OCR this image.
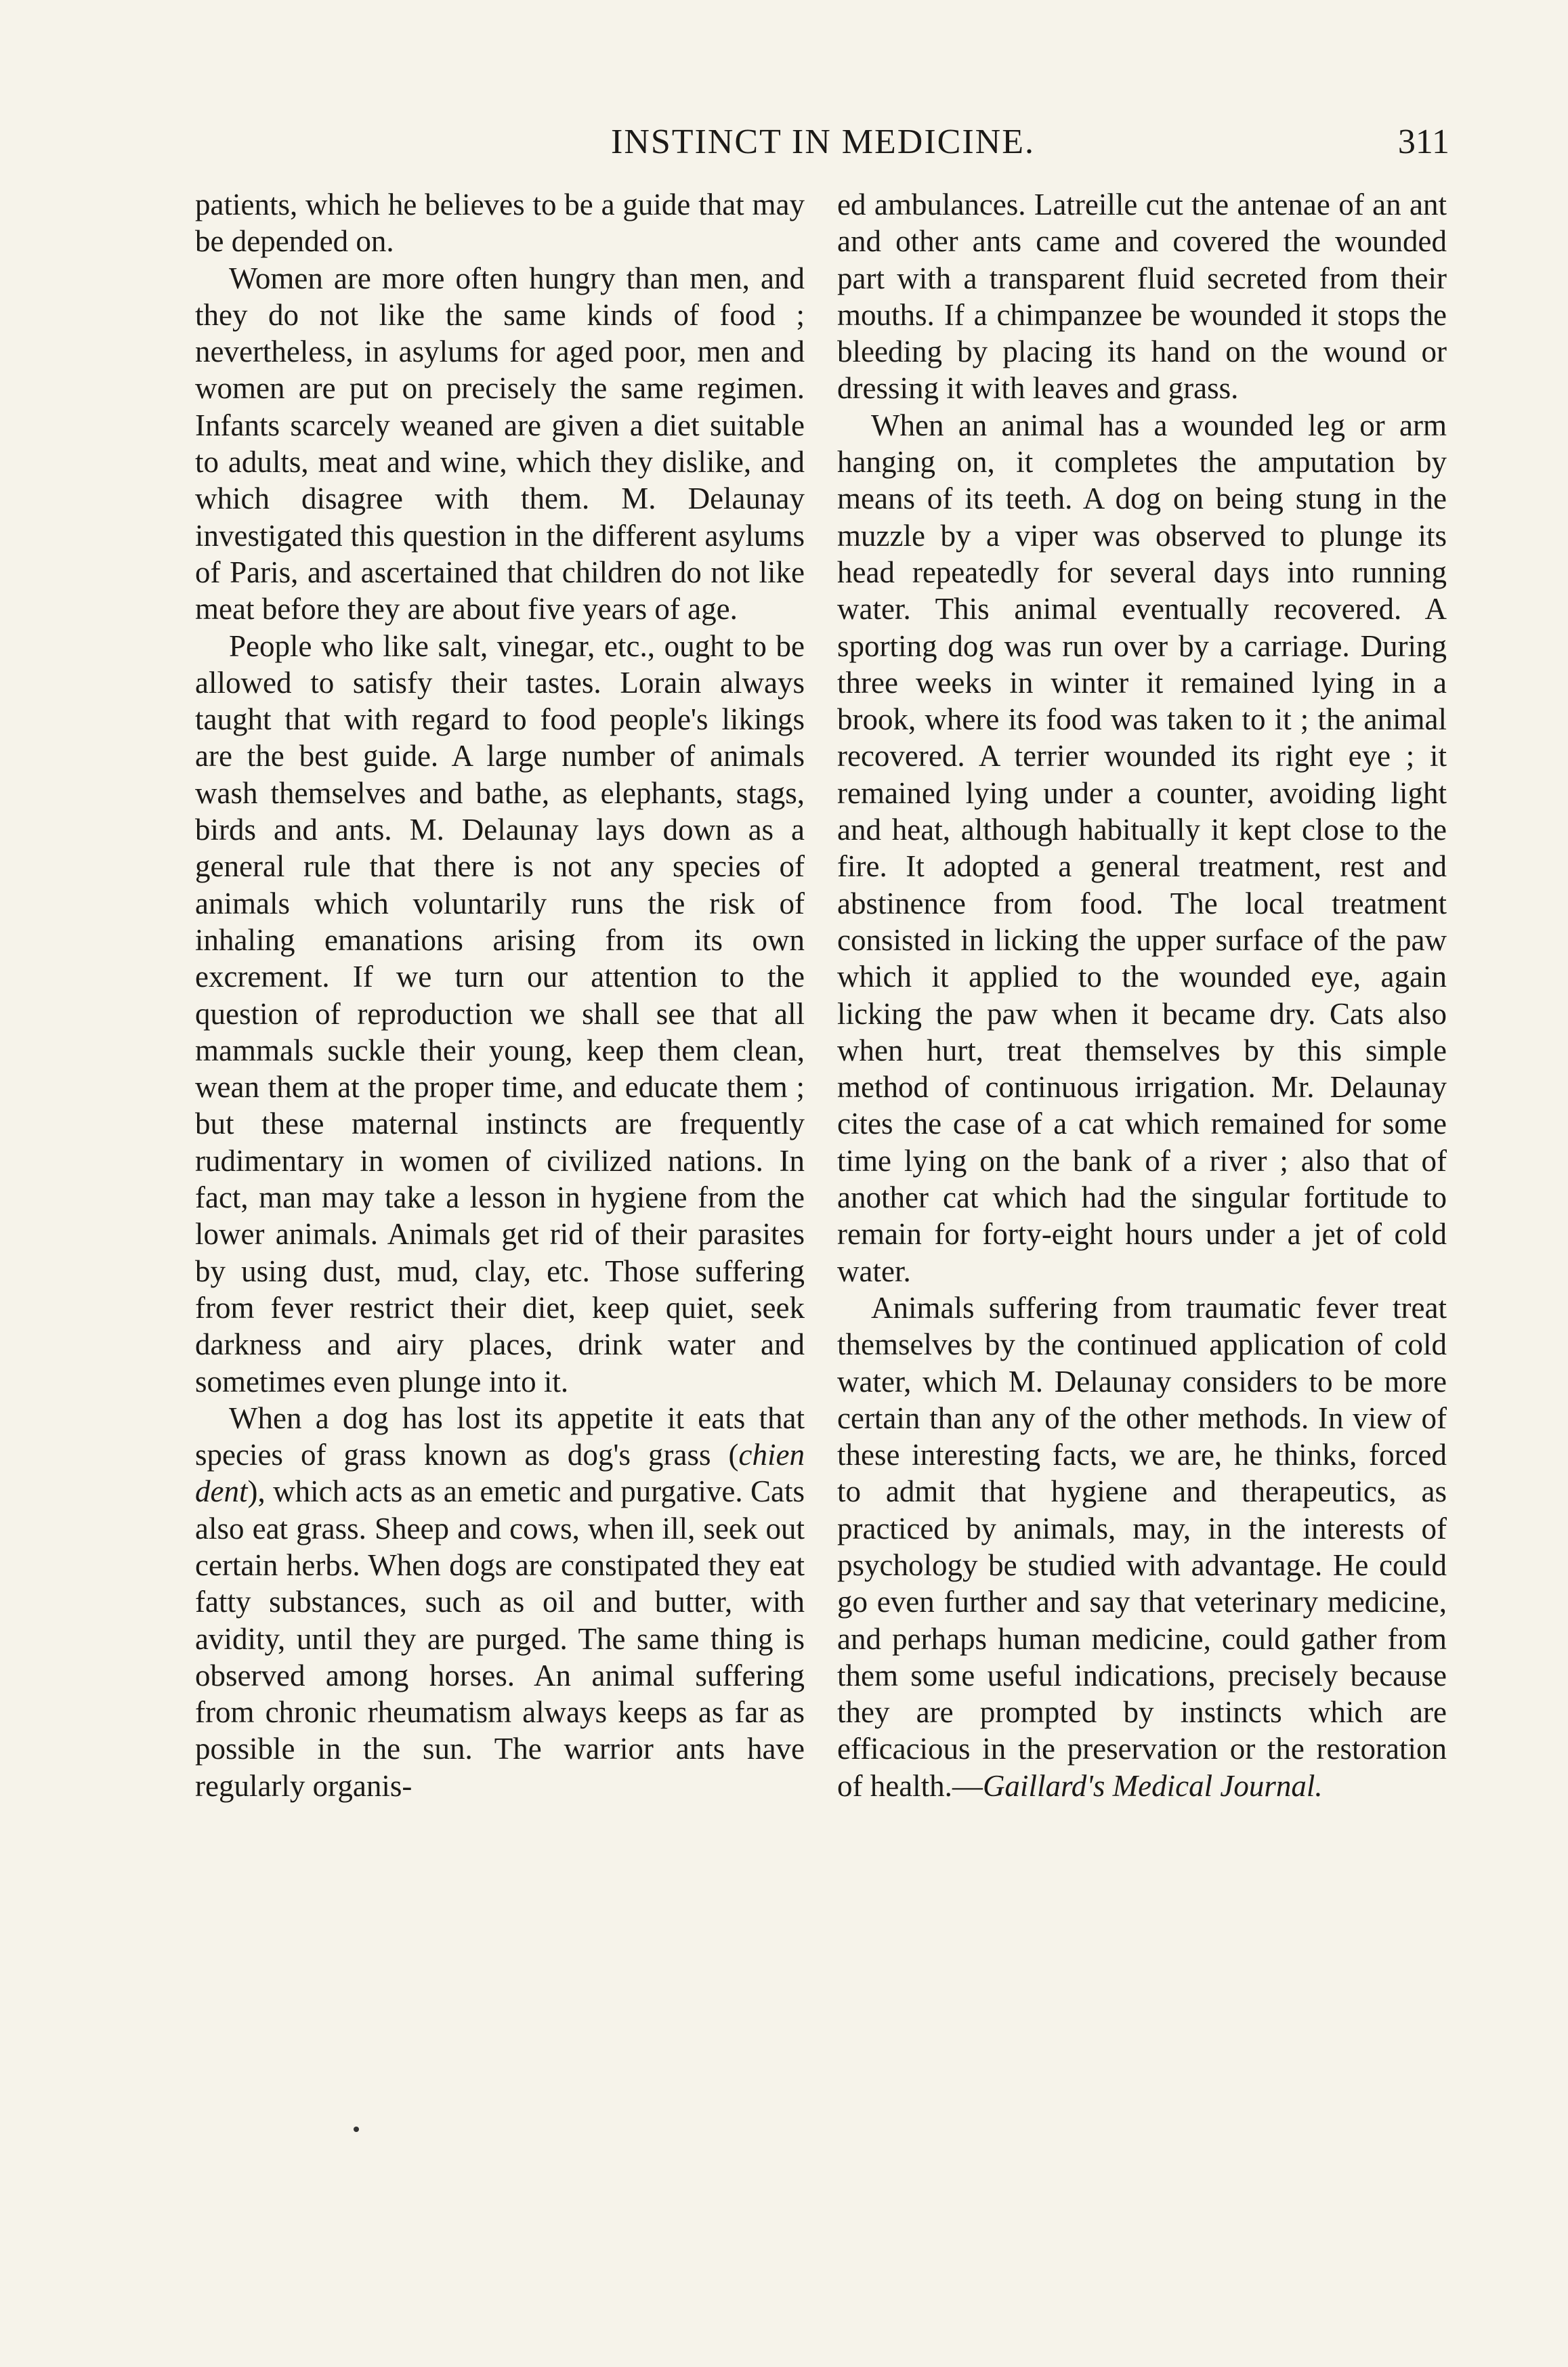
INSTINCT IN MEDICINE.	311

patients, which he believes to be a guide that may be depended on.

Women are more often hungry than men, and they do not like the same kinds of food ; nevertheless, in asylums for aged poor, men and women are put on precisely the same regimen. Infants scarcely weaned are given a diet suitable to adults, meat and wine, which they dislike, and which disagree with them. M. Delaunay investigated this question in the different asylums of Paris, and ascertained that children do not like meat before they are about five years of age.

People who like salt, vinegar, etc., ought to be allowed to satisfy their tastes. Lorain always taught that with regard to food people's likings are the best guide. A large number of animals wash themselves and bathe, as elephants, stags, birds and ants. M. Delaunay lays down as a general rule that there is not any species of animals which voluntarily runs the risk of inhaling emanations arising from its own excrement. If we turn our attention to the question of reproduction we shall see that all mammals suckle their young, keep them clean, wean them at the proper time, and educate them ; but these maternal instincts are frequently rudimentary in women of civilized nations. In fact, man may take a lesson in hygiene from the lower animals. Animals get rid of their parasites by using dust, mud, clay, etc. Those suffering from fever restrict their diet, keep quiet, seek darkness and airy places, drink water and sometimes even plunge into it.

When a dog has lost its appetite it eats that species of grass known as dog's grass (chien dent), which acts as an emetic and purgative. Cats also eat grass. Sheep and cows, when ill, seek out certain herbs. When dogs are constipated they eat fatty substances, such as oil and butter, with avidity, until they are purged. The same thing is observed among horses. An animal suffering from chronic rheumatism always keeps as far as possible in the sun. The warrior ants have regularly organis-

ed ambulances. Latreille cut the antenae of an ant and other ants came and covered the wounded part with a transparent fluid secreted from their mouths. If a chimpanzee be wounded it stops the bleeding by placing its hand on the wound or dressing it with leaves and grass.

When an animal has a wounded leg or arm hanging on, it completes the amputation by means of its teeth. A dog on being stung in the muzzle by a viper was observed to plunge its head repeatedly for several days into running water. This animal eventually recovered. A sporting dog was run over by a carriage. During three weeks in winter it remained lying in a brook, where its food was taken to it ; the animal recovered. A terrier wounded its right eye ; it remained lying under a counter, avoiding light and heat, although habitually it kept close to the fire. It adopted a general treatment, rest and abstinence from food. The local treatment consisted in licking the upper surface of the paw which it applied to the wounded eye, again licking the paw when it became dry. Cats also when hurt, treat themselves by this simple method of continuous irrigation. Mr. Delaunay cites the case of a cat which remained for some time lying on the bank of a river ; also that of another cat which had the singular fortitude to remain for forty-eight hours under a jet of cold water.

Animals suffering from traumatic fever treat themselves by the continued application of cold water, which M. Delaunay considers to be more certain than any of the other methods. In view of these interesting facts, we are, he thinks, forced to admit that hygiene and therapeutics, as practiced by animals, may, in the interests of psychology be studied with advantage. He could go even further and say that veterinary medicine, and perhaps human medicine, could gather from them some useful indications, precisely because they are prompted by instincts which are efficacious in the preservation or the restoration of health.—Gaillard's Medical Journal.
